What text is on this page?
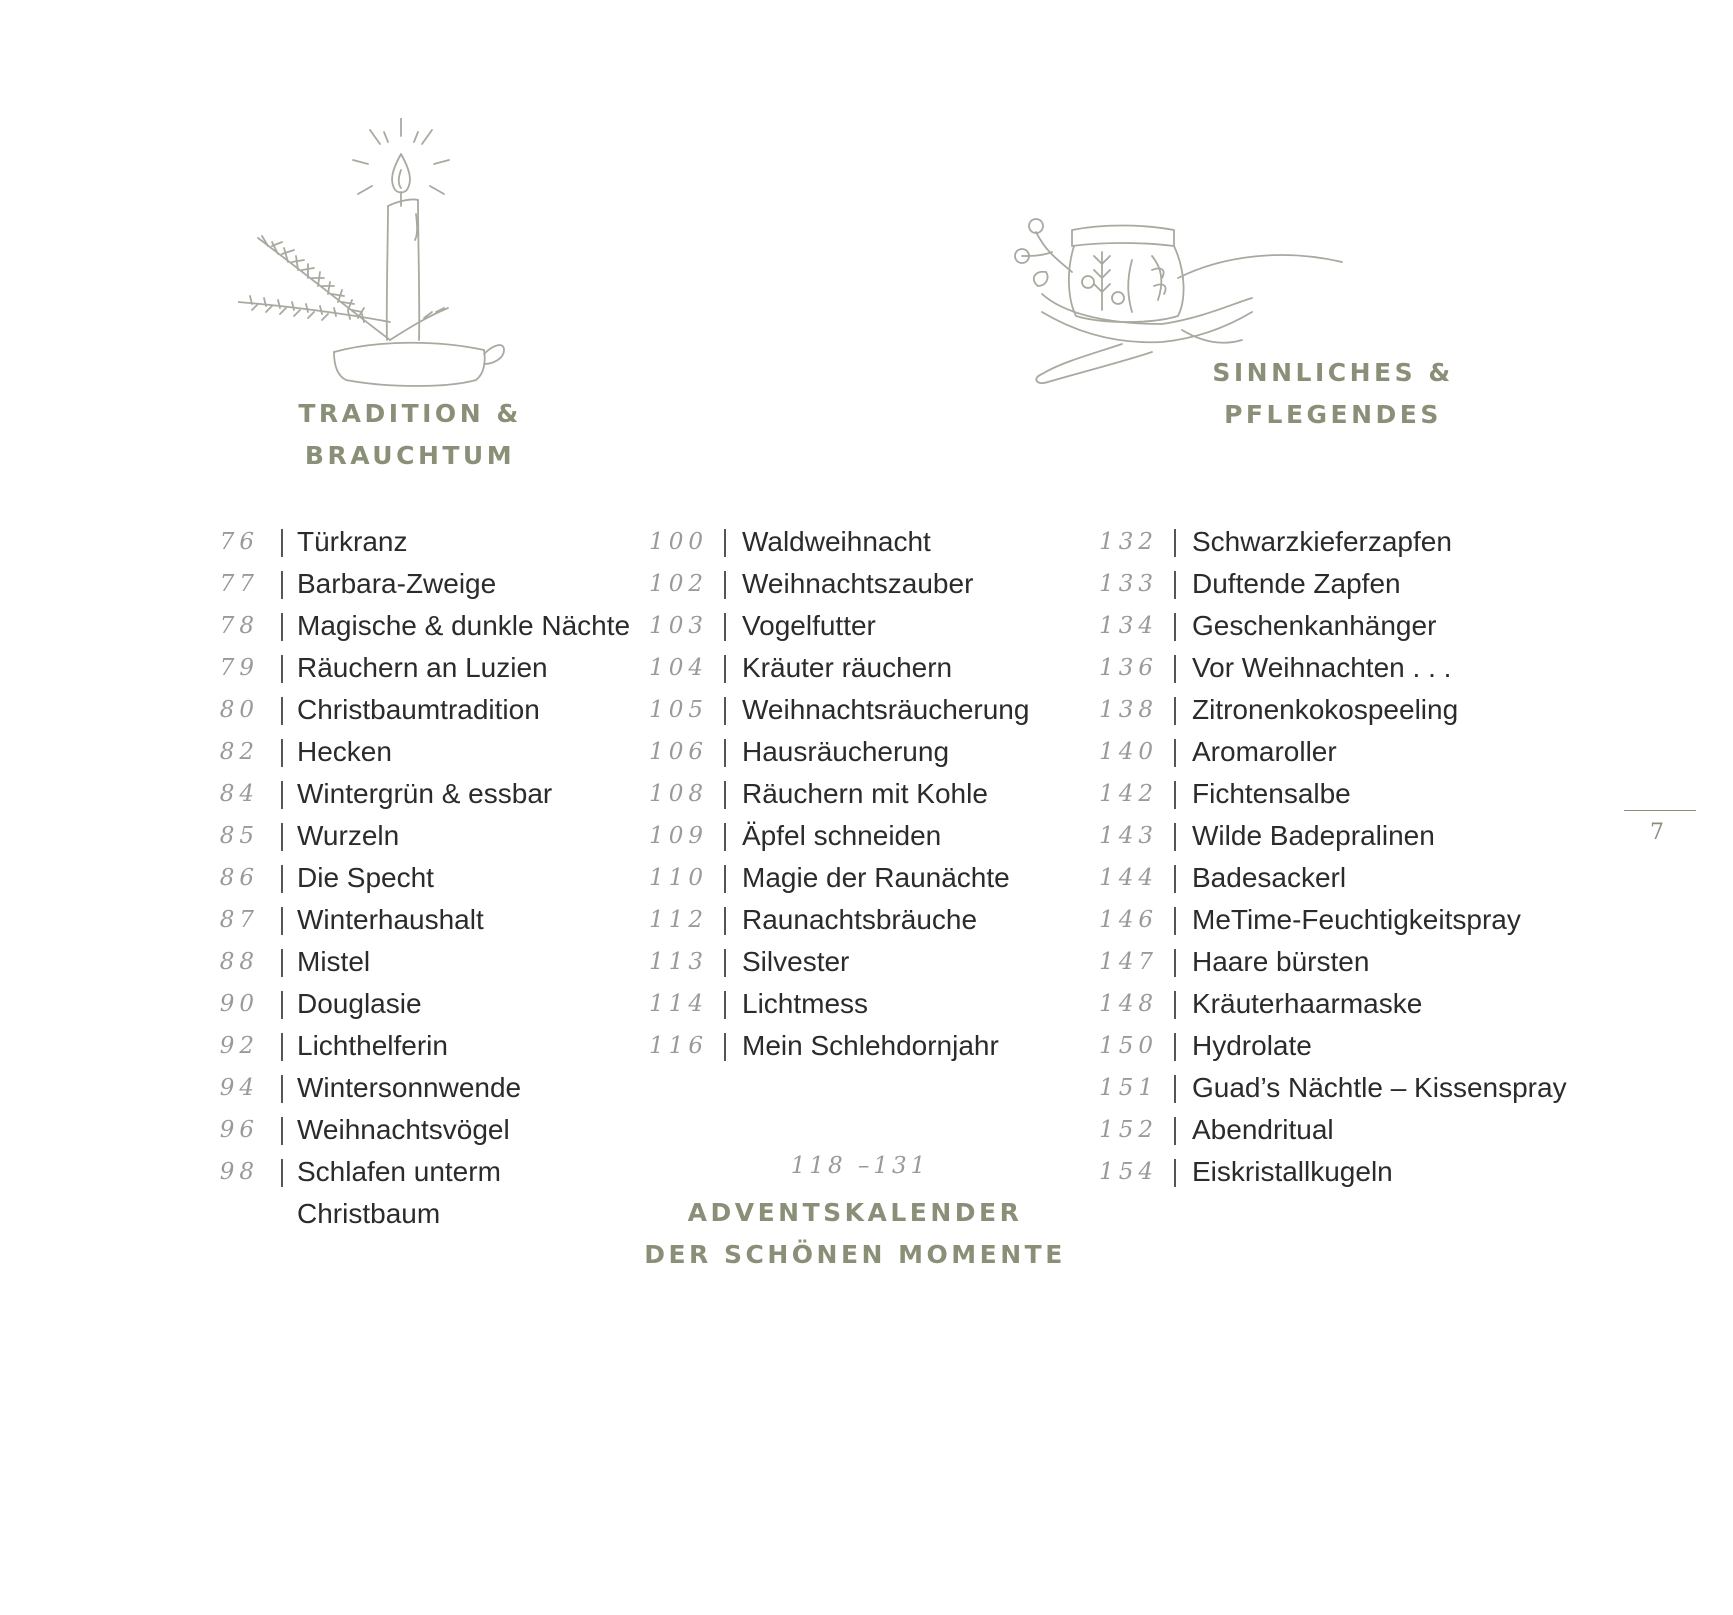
TRADITION &
BRAUCHTUM
SINNLICHES &
PFLEGENDES
76 Türkranz
77 Barbara-Zweige
78 Magische & dunkle Nächte
79 Räuchern an Luzien
80 Christbaumtradition
82 Hecken
84 Wintergrün & essbar
85 Wurzeln
86 Die Specht
87 Winterhaushalt
88 Mistel
90 Douglasie
92 Lichthelferin
94 Wintersonnwende
96 Weihnachtsvögel
98 Schlafen unterm
Christbaum
100 Waldweihnacht
102 Weihnachtszauber
103 Vogelfutter
104 Kräuter räuchern
105 Weihnachtsräucherung
106 Hausräucherung
108 Räuchern mit Kohle
109 Äpfel schneiden
110 Magie der Raunächte
112 Raunachtsbräuche
113 Silvester
114 Lichtmess
116 Mein Schlehdornjahr
118 –131
ADVENTSKALENDER
DER SCHÖNEN MOMENTE
132 Schwarzkieferzapfen
133 Duftende Zapfen
134 Geschenkanhänger
136 Vor Weihnachten . . .
138 Zitronenkokospeeling
140 Aromaroller
142 Fichtensalbe
143 Wilde Badepralinen
144 Badesackerl
146 MeTime-Feuchtigkeitspray
147 Haare bürsten
148 Kräuterhaarmaske
150 Hydrolate
151 Guad’s Nächtle – Kissenspray
152 Abendritual
154 Eiskristallkugeln
7
